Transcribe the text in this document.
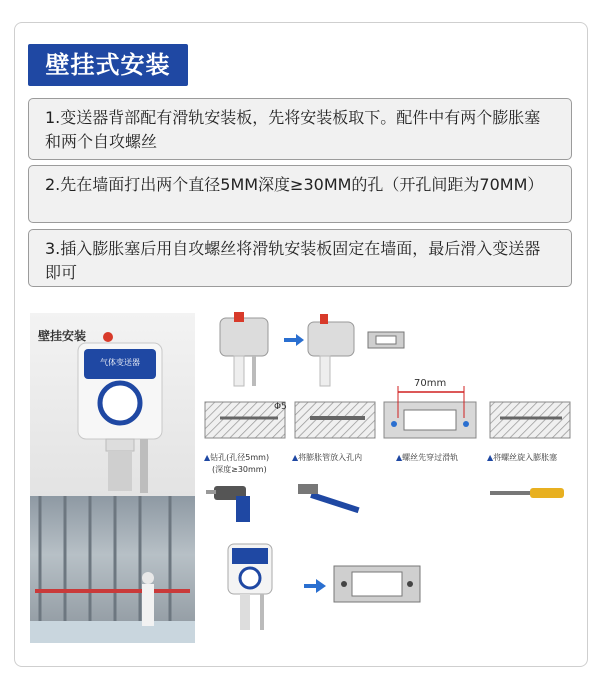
壁挂式安装
1.变送器背部配有滑轨安装板，先将安装板取下。配件中有两个膨胀塞和两个自攻螺丝
2.先在墙面打出两个直径5MM深度≥30MM的孔（开孔间距为70MM）
3.插入膨胀塞后用自攻螺丝将滑轨安装板固定在墙面，最后滑入变送器即可
壁挂安装
气体变送器
70mm
Φ5
▲钻孔(孔径5mm)
(深度≥30mm)
▲将膨胀管放入孔内	▲螺丝先穿过滑轨	▲将螺丝旋入膨胀塞
